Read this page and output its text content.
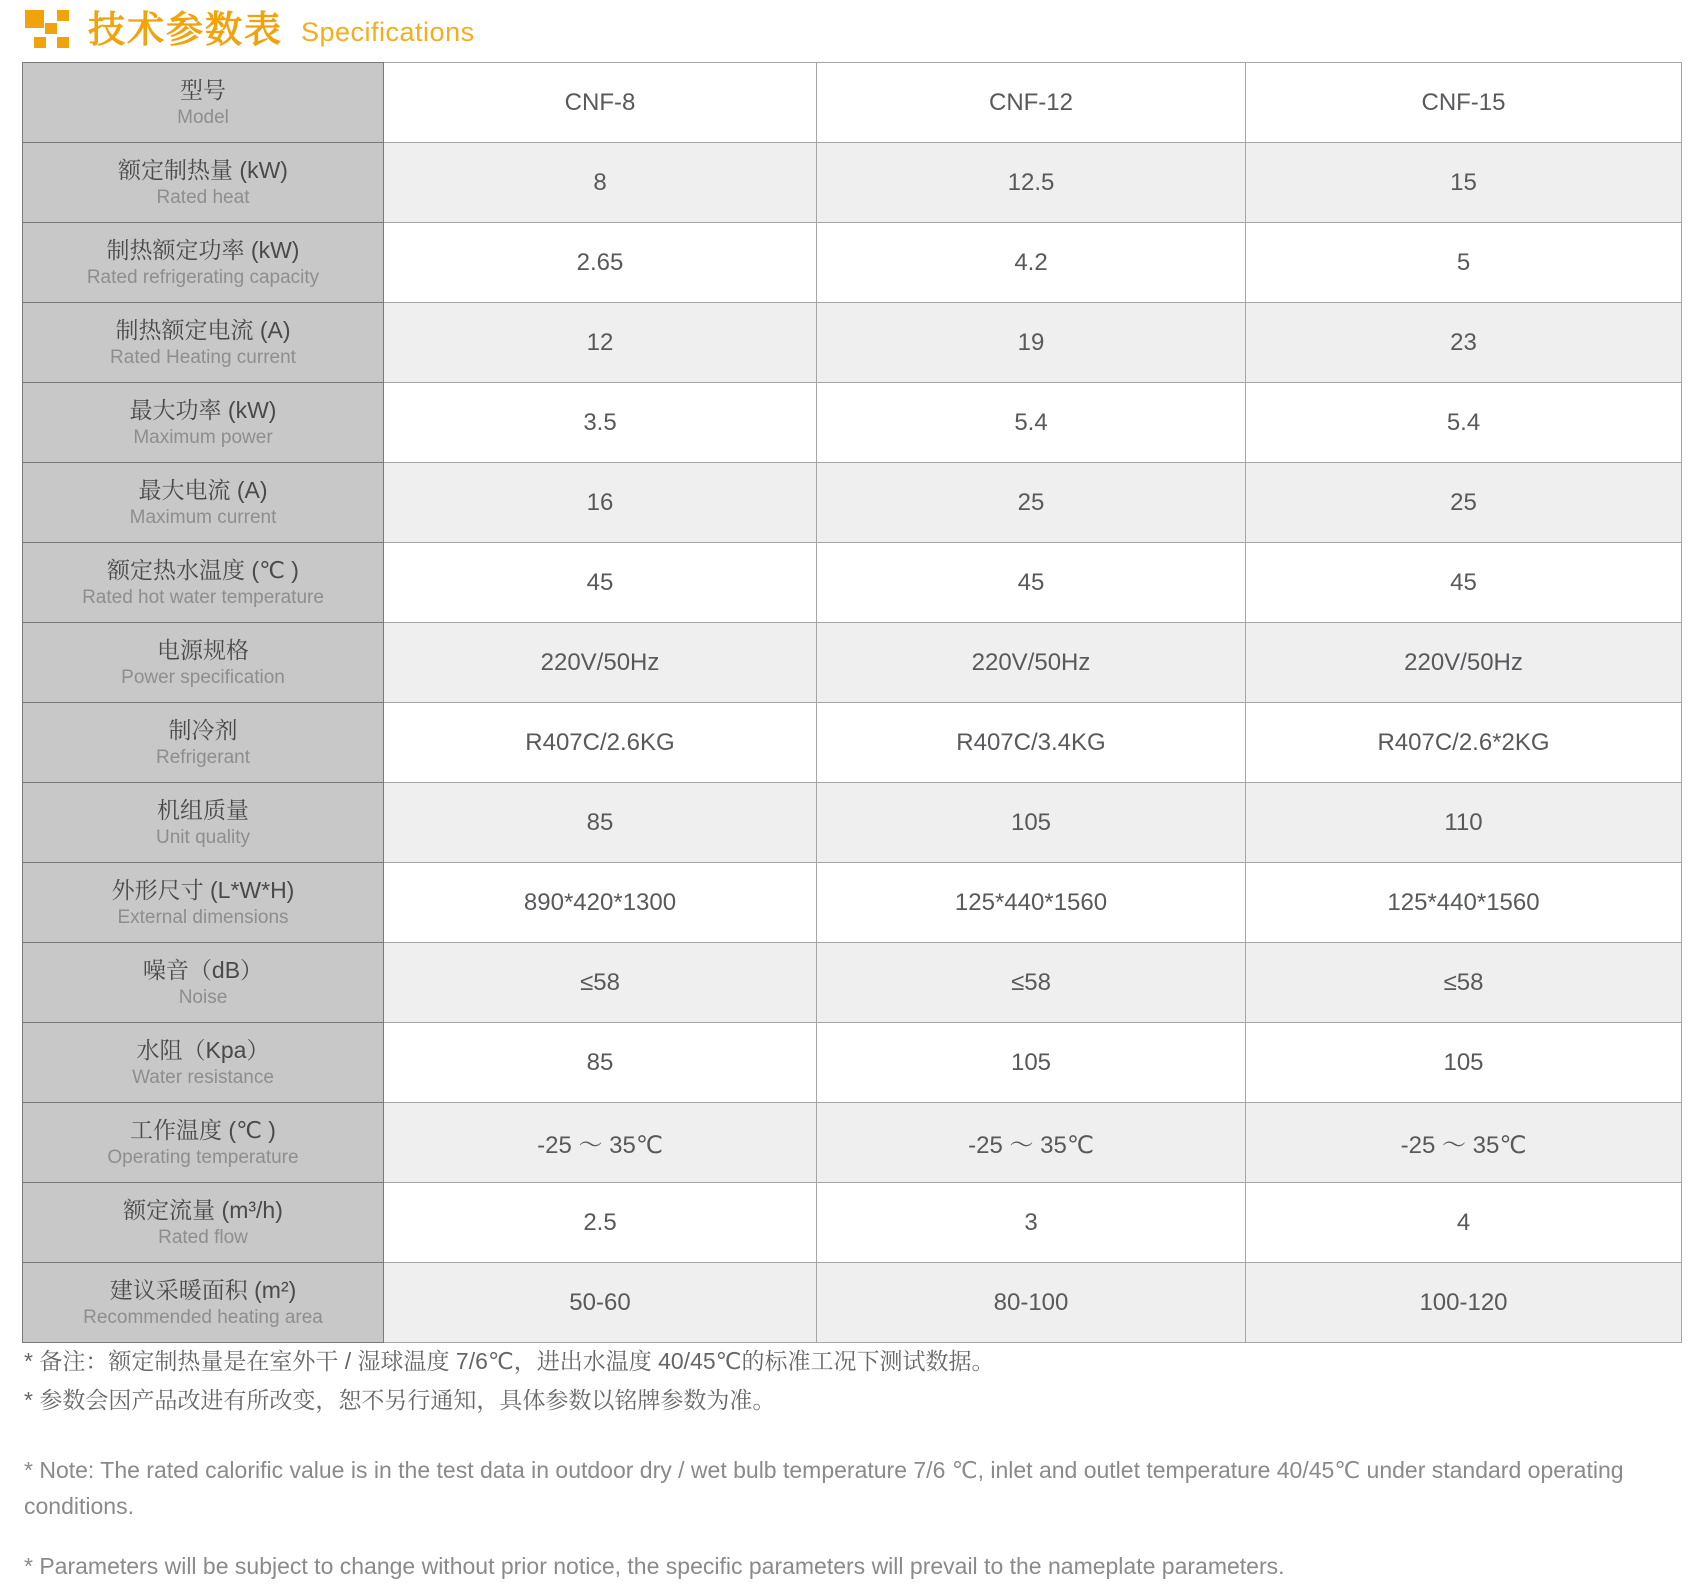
技术参数表 Specifications
型号
Model	CNF-8	CNF-12	CNF-15

额定制热量 (kW)
Rated heat	8	12.5	15

制热额定功率 (kW)
Rated refrigerating capacity	2.65	4.2	5

制热额定电流 (A)
Rated Heating current	12	19	23

最大功率 (kW)
Maximum power	3.5	5.4	5.4

最大电流 (A)
Maximum current	16	25	25

额定热水温度 (℃ )
Rated hot water temperature	45	45	45

电源规格
Power specification	220V/50Hz	220V/50Hz	220V/50Hz

制冷剂
Refrigerant	R407C/2.6KG	R407C/3.4KG	R407C/2.6*2KG

机组质量
Unit quality	85	105	110

外形尺寸 (L*W*H)
External dimensions	890*420*1300	125*440*1560	125*440*1560

噪音（dB）
Noise	≤58	≤58	≤58

水阻（Kpa）
Water resistance	85	105	105

工作温度 (℃ )
Operating temperature	-25 ～ 35℃	-25 ～ 35℃	-25 ～ 35℃

额定流量 (m³/h)
Rated flow	2.5	3	4

建议采暖面积 (m²)
Recommended heating area	50-60	80-100	100-120

* 备注：额定制热量是在室外干 / 湿球温度 7/6℃，进出水温度 40/45℃的标准工况下测试数据。

* 参数会因产品改进有所改变，恕不另行通知，具体参数以铭牌参数为准。

* Note: The rated calorific value is in the test data in outdoor dry / wet bulb temperature 7/6 ℃, inlet and outlet temperature 40/45℃ under standard operating conditions.

* Parameters will be subject to change without prior notice, the specific parameters will prevail to the nameplate parameters.
